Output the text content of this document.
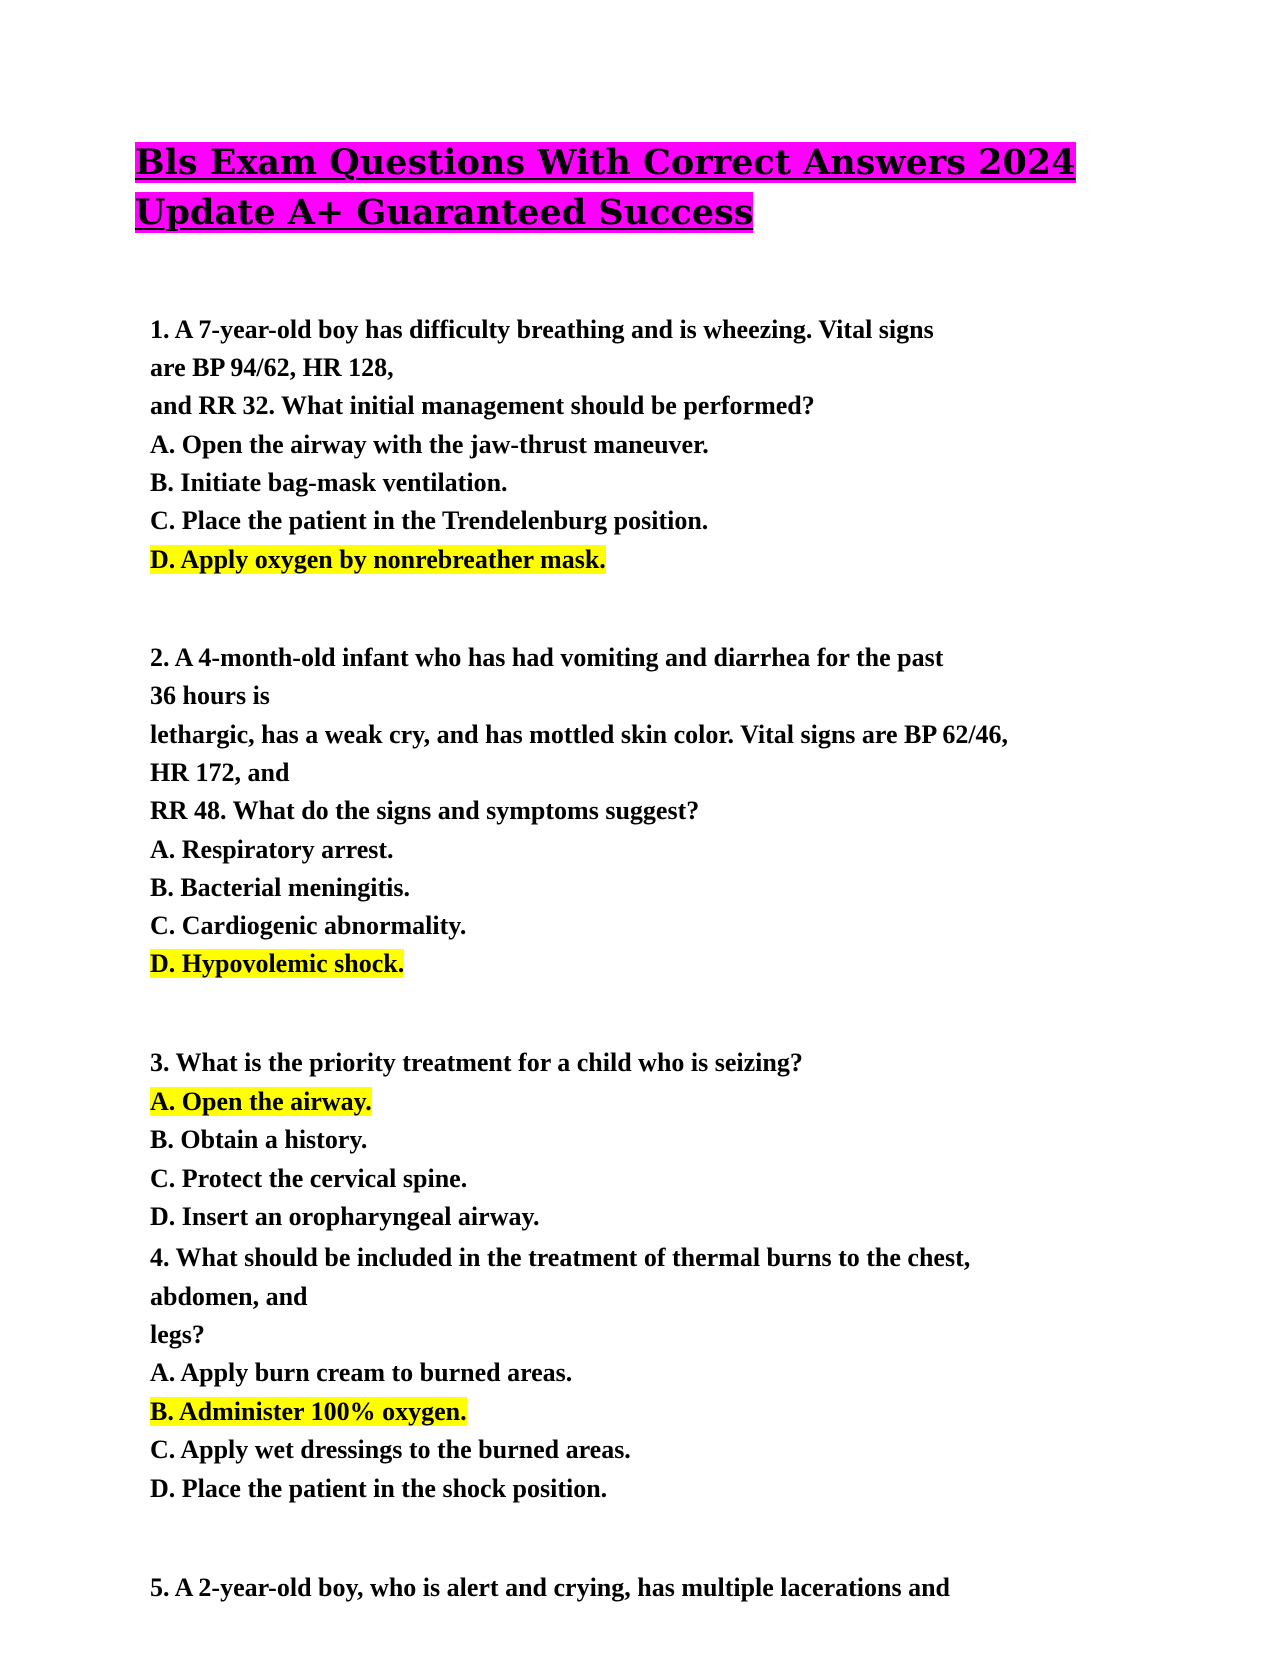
Bls Exam Questions With Correct Answers 2024
Update A+ Guaranteed Success
1. A 7-year-old boy has difficulty breathing and is wheezing. Vital signs
are BP 94/62, HR 128,
and RR 32. What initial management should be performed?
A. Open the airway with the jaw-thrust maneuver.
B. Initiate bag-mask ventilation.
C. Place the patient in the Trendelenburg position.
D. Apply oxygen by nonrebreather mask.
2. A 4-month-old infant who has had vomiting and diarrhea for the past
36 hours is
lethargic, has a weak cry, and has mottled skin color. Vital signs are BP 62/46,
HR 172, and
RR 48. What do the signs and symptoms suggest?
A. Respiratory arrest.
B. Bacterial meningitis.
C. Cardiogenic abnormality.
D. Hypovolemic shock.
3. What is the priority treatment for a child who is seizing?
A. Open the airway.
B. Obtain a history.
C. Protect the cervical spine.
D. Insert an oropharyngeal airway.
4. What should be included in the treatment of thermal burns to the chest,
abdomen, and
legs?
A. Apply burn cream to burned areas.
B. Administer 100% oxygen.
C. Apply wet dressings to the burned areas.
D. Place the patient in the shock position.
5. A 2-year-old boy, who is alert and crying, has multiple lacerations and
